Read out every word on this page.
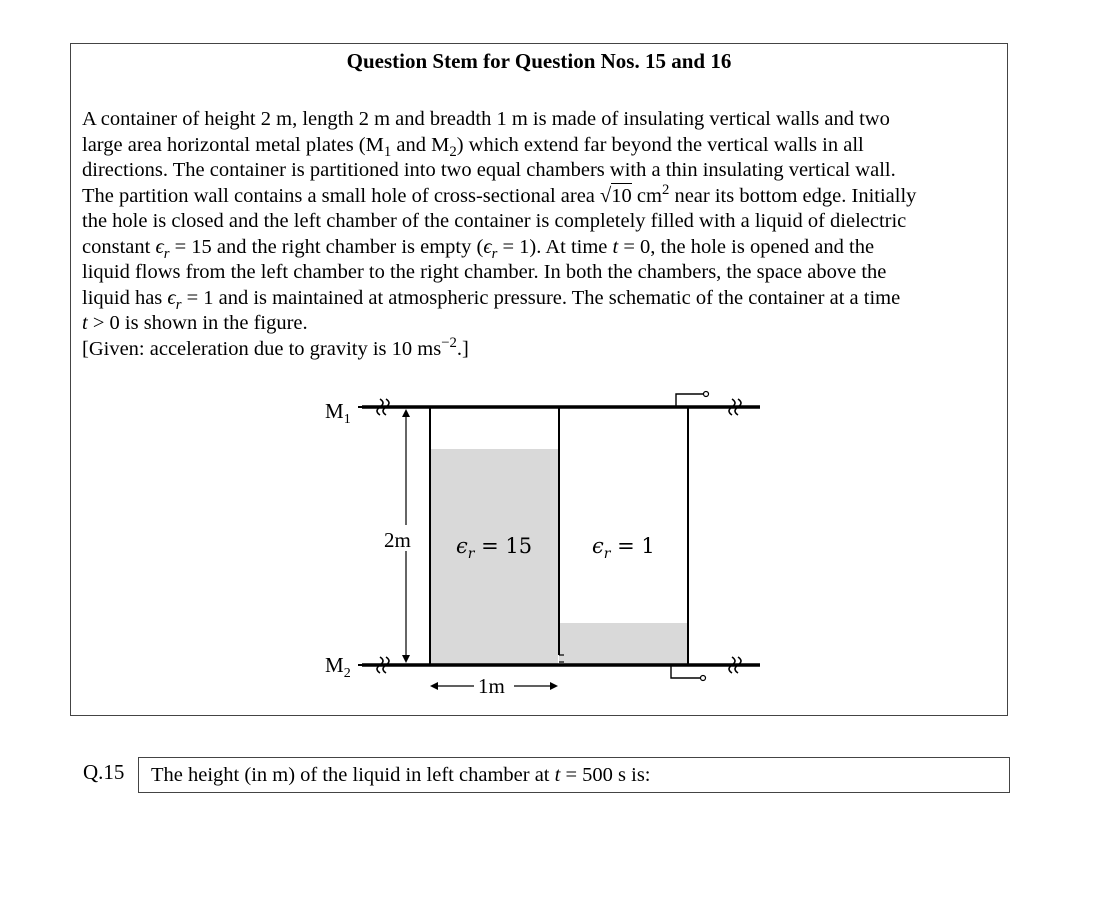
Question Stem for Question Nos. 15 and 16
A container of height 2 m, length 2 m and breadth 1 m is made of insulating vertical walls and two
large area horizontal metal plates ($M_1$ and $M_2$) which extend far beyond the vertical walls in all
directions. The container is partitioned into two equal chambers with a thin insulating vertical wall.
The partition wall contains a small hole of cross-sectional area √10 $cm^2$ near its bottom edge. Initially
the hole is closed and the left chamber of the container is completely filled with a liquid of dielectric
constant $\epsilon_r = 15$ and the right chamber is empty $(\epsilon_r = 1)$. At time t = 0, the hole is opened and the
liquid flows from the left chamber to the right chamber. In both the chambers, the space above the
liquid has $\epsilon_r = 1$ and is maintained at atmospheric pressure. The schematic of the container at a time
t > 0 is shown in the figure.
[Given: acceleration due to gravity is 10 $ms^{-2}$.]
2m
1m
$M_1$
$M_2$
$\epsilon_r = 15$	$\epsilon_r = 1$
Q.15	The height (in m) of the liquid in left chamber at t = 500 s is:
